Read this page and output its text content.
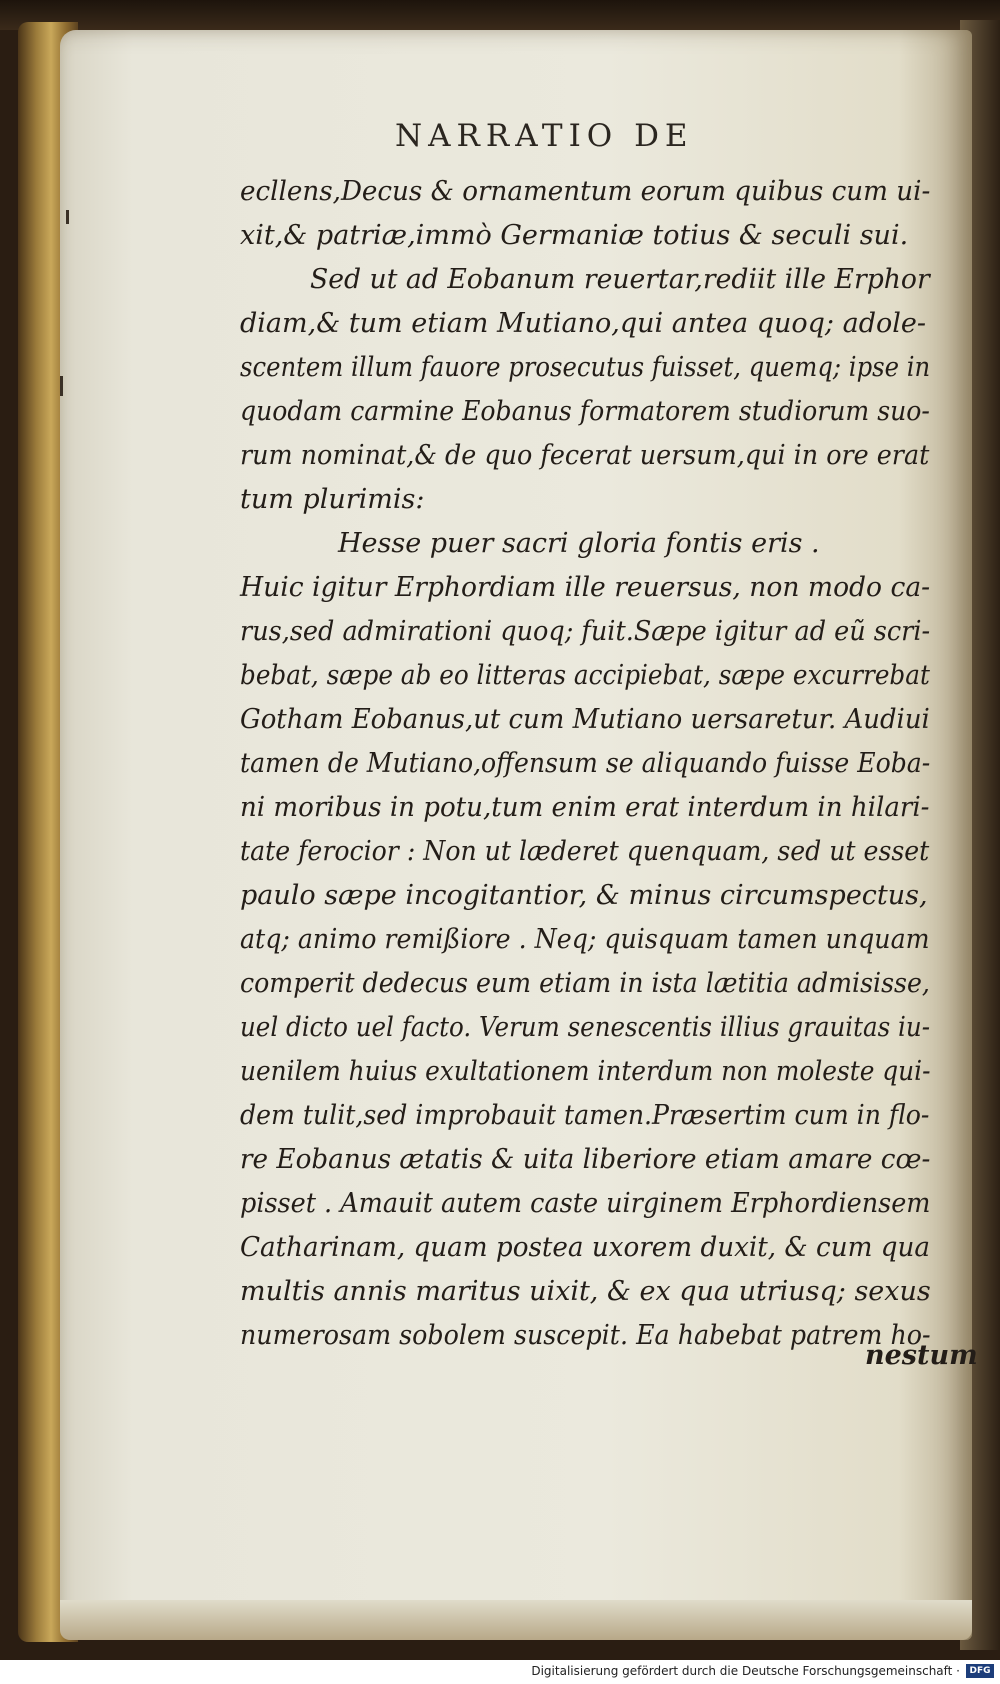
NARRATIO DE
ecllens,Decus & ornamentum eorum quibus cum ui-
xit,& patriæ,immò Germaniæ totius & seculi sui.
Sed ut ad Eobanum reuertar,rediit ille Erphor
diam,& tum etiam Mutiano,qui antea quoq; adole-
scentem illum fauore prosecutus fuisset, quemq; ipse in
quodam carmine Eobanus formatorem studiorum suo-
rum nominat,& de quo fecerat uersum,qui in ore erat
tum plurimis:
Hesse puer sacri gloria fontis eris .
Huic igitur Erphordiam ille reuersus, non modo ca-
rus,sed admirationi quoq; fuit.Sæpe igitur ad eũ scri-
bebat, sæpe ab eo litteras accipiebat, sæpe excurrebat
Gotham Eobanus,ut cum Mutiano uersaretur. Audiui
tamen de Mutiano,offensum se aliquando fuisse Eoba-
ni moribus in potu,tum enim erat interdum in hilari-
tate ferocior : Non ut læderet quenquam, sed ut esset
paulo sæpe incogitantior, & minus circumspectus,
atq; animo remißiore . Neq; quisquam tamen unquam
comperit dedecus eum etiam in ista lætitia admisisse,
uel dicto uel facto. Verum senescentis illius grauitas iu-
uenilem huius exultationem interdum non moleste qui-
dem tulit,sed improbauit tamen.Præsertim cum in flo-
re Eobanus ætatis & uita liberiore etiam amare cœ-
pisset . Amauit autem caste uirginem Erphordiensem
Catharinam, quam postea uxorem duxit, & cum qua
multis annis maritus uixit, & ex qua utriusq; sexus
numerosam sobolem suscepit. Ea habebat patrem ho-
nestum
Digitalisierung gefördert durch die Deutsche Forschungsgemeinschaft ·	DFG
